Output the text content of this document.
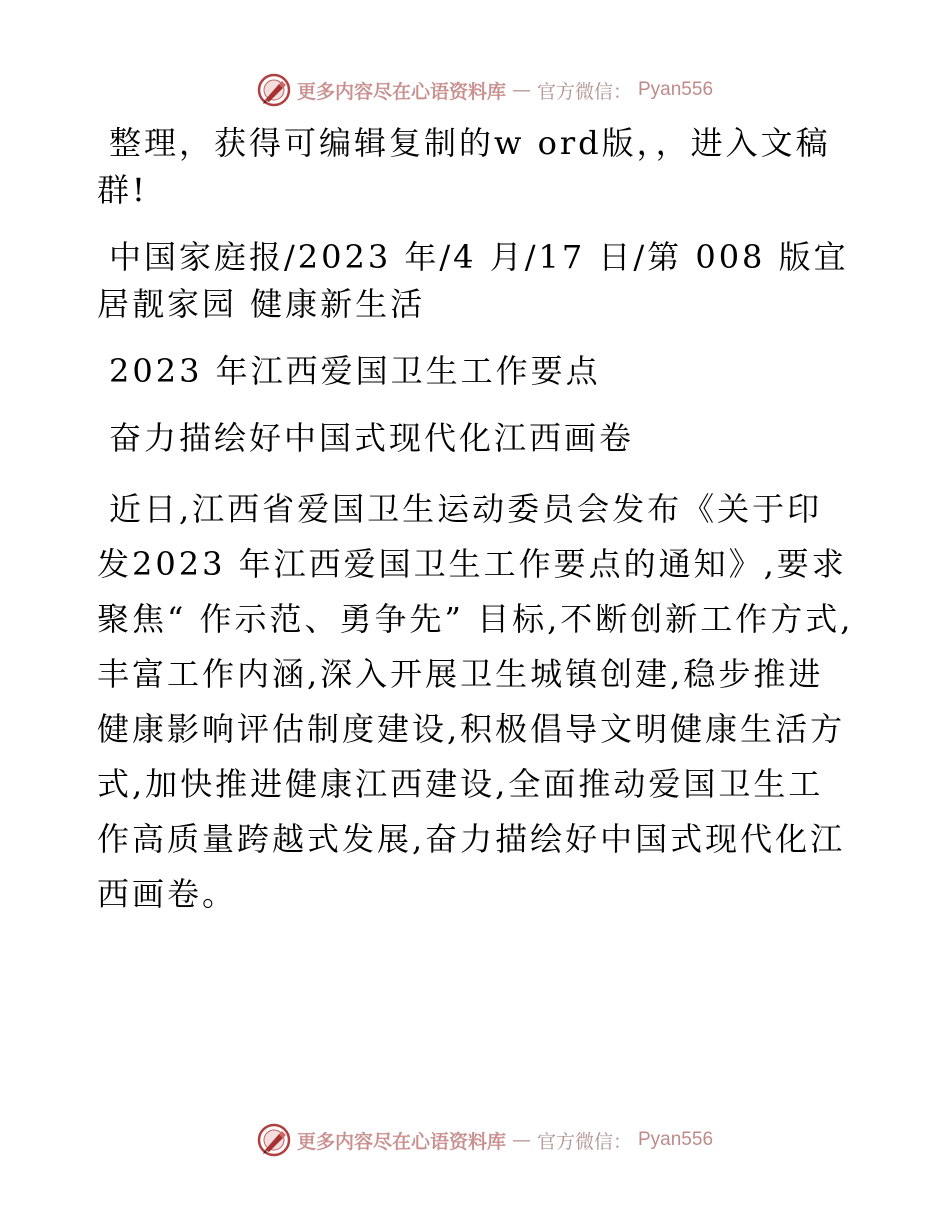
更多内容尽在心语资料库 — 官方微信： Pyan556

整理，获得可编辑复制的w ord版，，进入文稿群!

中国家庭报/2023 年/4 月/17 日/第 008 版宜居靓家园 健康新生活

2023 年江西爱国卫生工作要点

奋力描绘好中国式现代化江西画卷

近日,江西省爱国卫生运动委员会发布《关于印发2023 年江西爱国卫生工作要点的通知》,要求聚焦“ 作示范、勇争先” 目标,不断创新工作方式,丰富工作内涵,深入开展卫生城镇创建,稳步推进健康影响评估制度建设,积极倡导文明健康生活方式,加快推进健康江西建设,全面推动爱国卫生工作高质量跨越式发展,奋力描绘好中国式现代化江西画卷。

更多内容尽在心语资料库 — 官方微信： Pyan556
